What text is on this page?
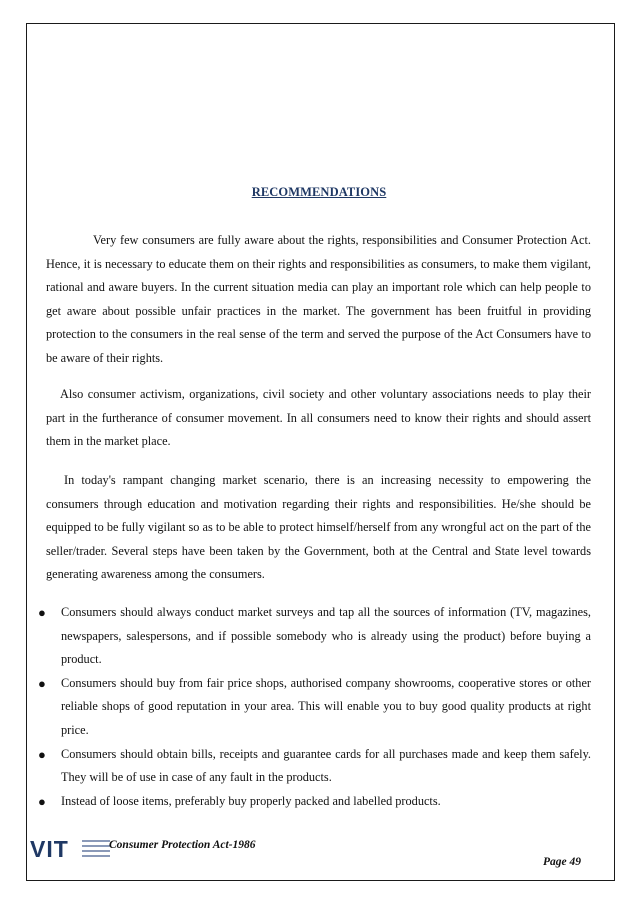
RECOMMENDATIONS

Very few consumers are fully aware about the rights, responsibilities and Consumer Protection Act. Hence, it is necessary to educate them on their rights and responsibilities as consumers, to make them vigilant, rational and aware buyers. In the current situation media can play an important role which can help people to get aware about possible unfair practices in the market. The government has been fruitful in providing protection to the consumers in the real sense of the term and served the purpose of the Act Consumers have to be aware of their rights.

Also consumer activism, organizations, civil society and other voluntary associations needs to play their part in the furtherance of consumer movement. In all consumers need to know their rights and should assert them in the market place.

In today's rampant changing market scenario, there is an increasing necessity to empowering the consumers through education and motivation regarding their rights and responsibilities. He/she should be equipped to be fully vigilant so as to be able to protect himself/herself from any wrongful act on the part of the seller/trader. Several steps have been taken by the Government, both at the Central and State level towards generating awareness among the consumers.

● Consumers should always conduct market surveys and tap all the sources of information (TV, magazines, newspapers, salespersons, and if possible somebody who is already using the product) before buying a product.
● Consumers should buy from fair price shops, authorised company showrooms, cooperative stores or other reliable shops of good reputation in your area. This will enable you to buy good quality products at right price.
● Consumers should obtain bills, receipts and guarantee cards for all purchases made and keep them safely. They will be of use in case of any fault in the products.
● Instead of loose items, preferably buy properly packed and labelled products.
VIT	Consumer Protection Act-1986
Page 49
